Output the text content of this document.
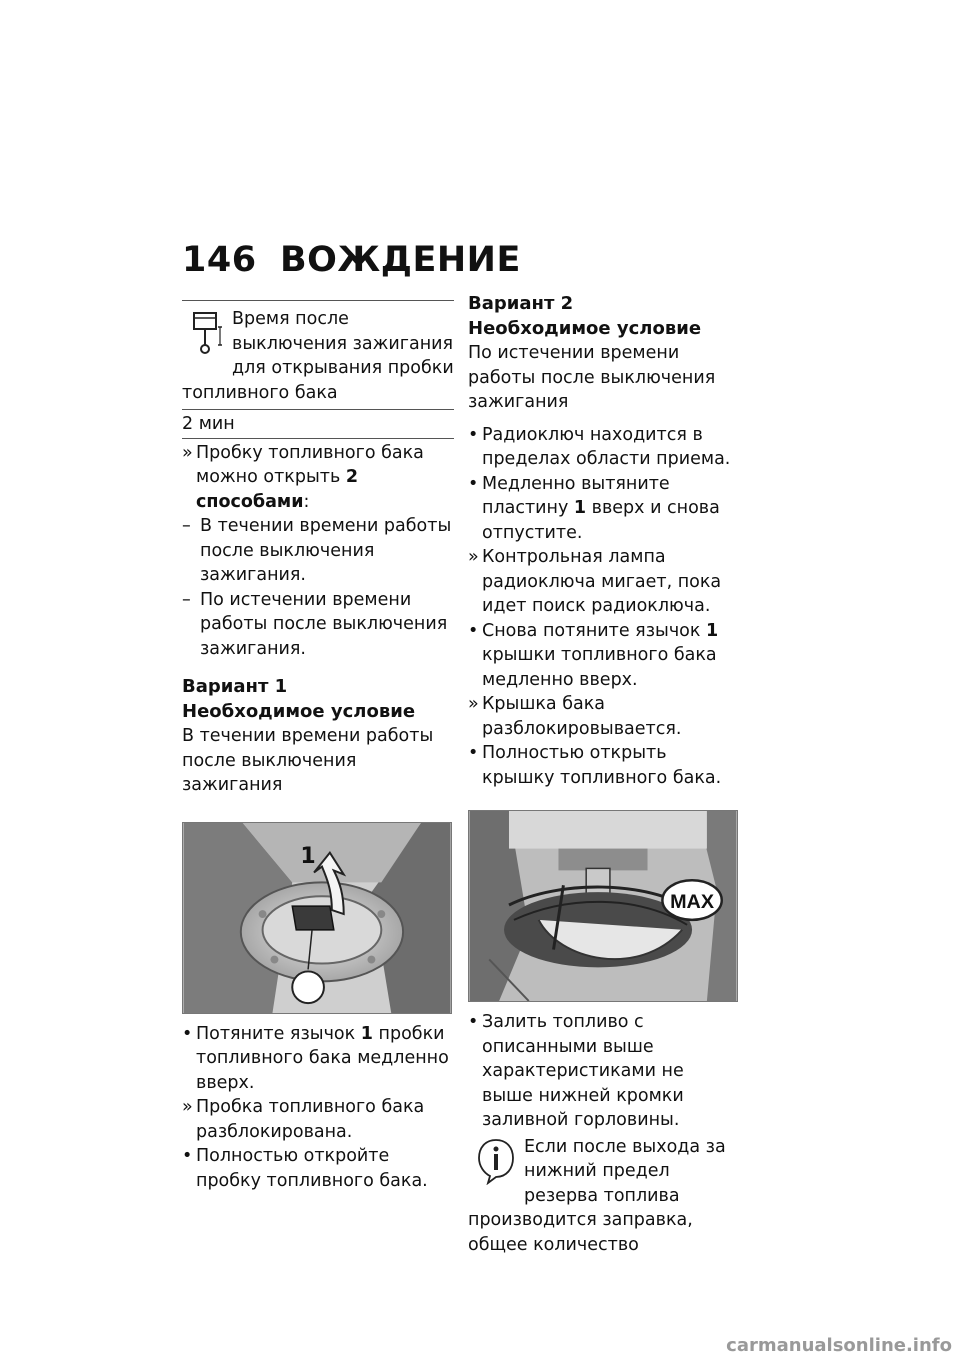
146 ВОЖДЕНИЕ
Время после выключения зажигания для открывания пробки топливного бака
2 мин

» Пробку топливного бака можно открыть 2 способами:

– В течении времени работы после выключения зажигания.

– По истечении времени работы после выключения зажигания.

Вариант 1

Необходимое условие

В течении времени работы после выключения зажигания

1

• Потяните язычок 1 пробки топливного бака медленно вверх.

» Пробка топливного бака разблокирована.

• Полностью откройте пробку топливного бака.

Вариант 2

Необходимое условие

По истечении времени работы после выключения зажигания

• Радиоключ находится в пределах области приема.

• Медленно вытяните пластину 1 вверх и снова отпустите.

» Контрольная лампа радиоключа мигает, пока идет поиск радиоключа.

• Снова потяните язычок 1 крышки топливного бака медленно вверх.

» Крышка бака разблокировывается.

• Полностью открыть крышку топливного бака.

MAX

• Залить топливо с описанными выше характеристиками не выше нижней кромки заливной горловины.

Если после выхода за нижний предел резерва топлива производится заправка, общее количество
carmanualsonline.info
